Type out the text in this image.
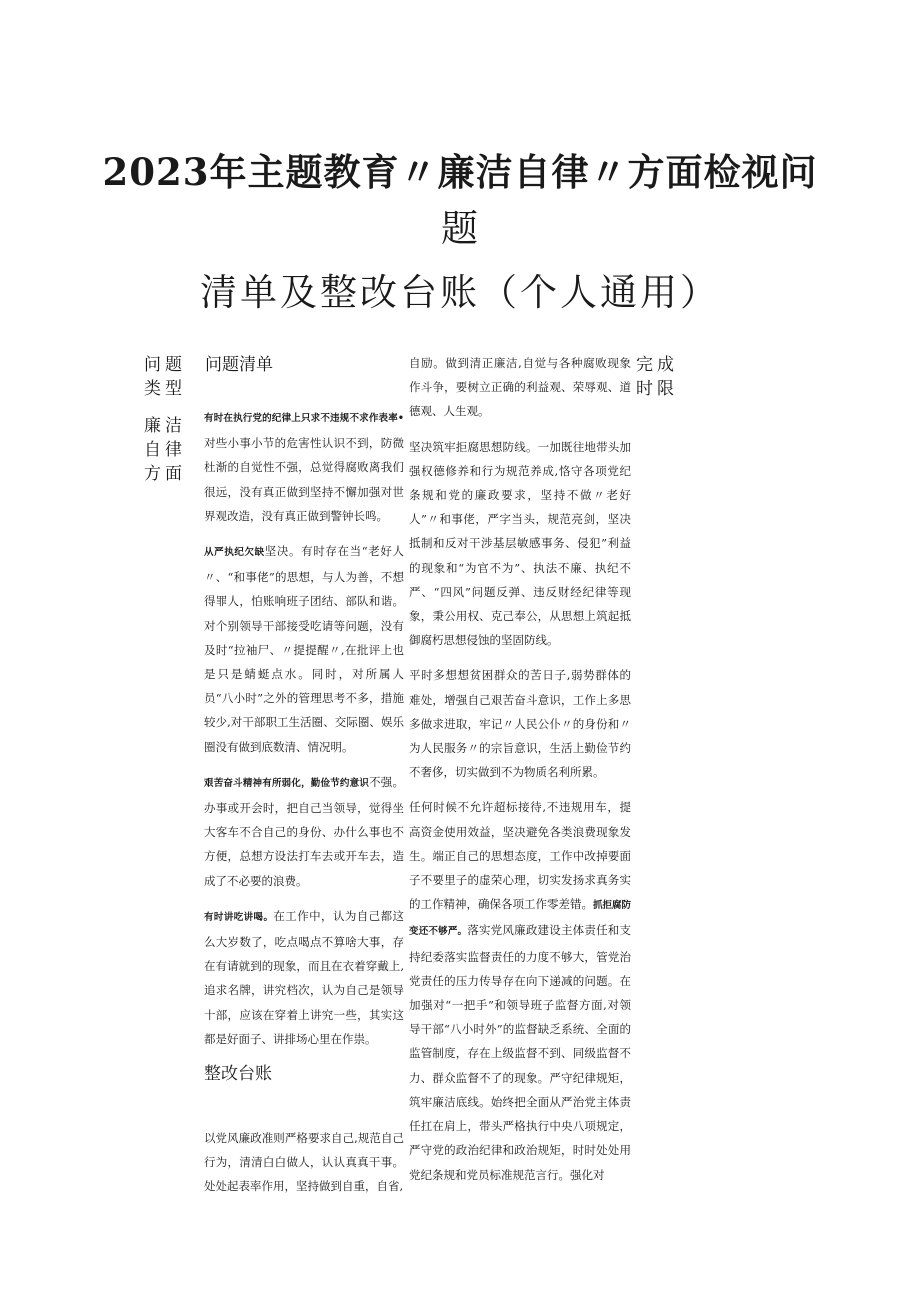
2023年主题教育〃廉洁自律〃方面检视问
题
清单及整改台账（个人通用）
问题
类型
问题清单	完成
时限
廉洁
自律
方面

有时在执行党的纪律上只求不违规不求作表率•对些小事小节的危害性认识不到，防微杜渐的自觉性不强，总觉得腐败离我们很远，没有真正做到坚持不懈加强对世界观改造，没有真正做到警钟长鸣。

从严执纪欠缺坚决。有时存在当“老好人〃、“和事佬”的思想，与人为善，不想得罪人，怕账响班子团结、部队和谐。对个别领导干部接受吃请等问题，没有及时“拉袖尸、〃提提醒〃,在批评上也是只是蜻蜓点水。同时，对所属人员“八小时”之外的管理思考不多，措施较少,对干部职工生活圈、交际圈、娱乐圈没有做到底数清、情况明。

艰苦奋斗精神有所弱化，勤俭节约意识不强。办事或开会时，把自己当领导，觉得坐大客车不合自己的身份、办什么事也不方便，总想方设法打车去或开车去，造成了不必要的浪费。

有时讲吃讲喝。在工作中，认为自己都这么大岁数了，吃点喝点不算啥大事，存在有请就到的现象，而且在衣着穿戴上,追求名牌，讲究档次，认为自己是领导十部，应该在穿着上讲究一些，其实这都是好面子、讲排场心里在作祟。

整改台账

以党风廉政准则严格要求自己,规范自己行为，清清白白做人，认认真真干事。处处起表率作用，坚持做到自重，自省,

自励。做到清正廉洁,自觉与各种腐败现象作斗争，要树立正确的利益观、荣辱观、道德观、人生观。

坚决筑牢拒腐思想防线。一加既往地带头加强权德修养和行为规范养成,恪守各项党纪条规和党的廉政要求，坚持不做〃老好人”〃和事佬，严字当头，规范亮剑，坚决抵制和反对干涉基层敏感事务、侵犯”利益的现象和“为官不为”、执法不廉、执纪不严、“四风”问题反弹、违反财经纪律等现象，秉公用权、克己奉公，从思想上筑起抵御腐朽思想侵蚀的坚固防线。

平时多想想贫困群众的苦日子,弱势群体的难处，增强自己艰苦奋斗意识，工作上多思多做求进取，牢记〃人民公仆〃的身份和〃为人民服务〃的宗旨意识，生活上勤俭节约不奢侈，切实做到不为物质名利所累。

任何时候不允许超标接待,不违规用车，提高资金使用效益，坚决避免各类浪费现象发生。端正自己的思想态度，工作中改掉要面子不要里子的虚荣心理，切实发扬求真务实的工作精神，确保各项工作零差错。抓拒腐防变还不够严。落实党风廉政建设主体责任和支持纪委落实监督责任的力度不够大，管党治党责任的压力传导存在向下递减的问题。在加强对“一把手”和领导班子监督方面,对领导干部“八小时外”的监督缺乏系统、全面的监管制度，存在上级监督不到、同级监督不力、群众监督不了的现象。严守纪律规矩，筑牢廉洁底线。始终把全面从严治党主体责任扛在肩上，带头严格执行中央八项规定，严守党的政治纪律和政治规矩，时时处处用党纪条规和党员标准规范言行。强化对
